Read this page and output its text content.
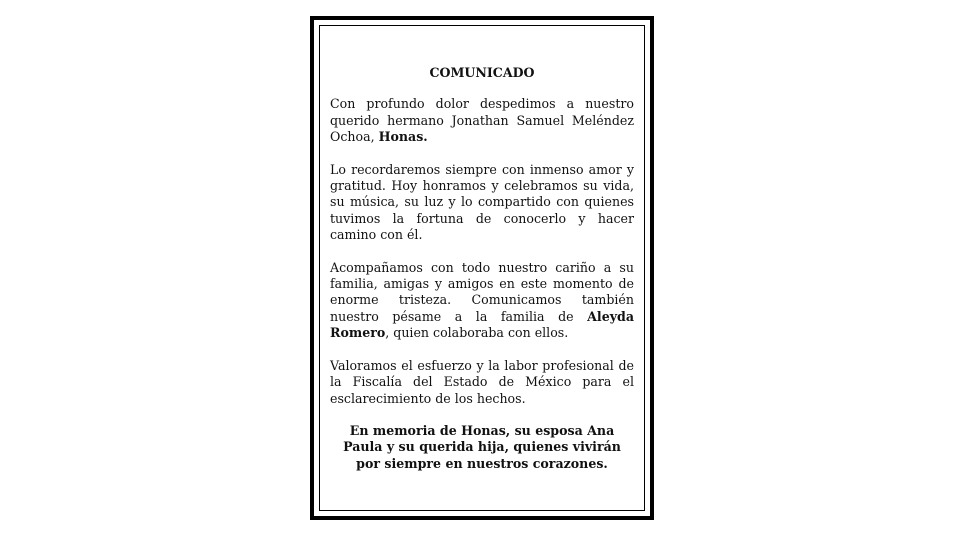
COMUNICADO

Con profundo dolor despedimos a nuestro querido hermano Jonathan Samuel Meléndez Ochoa, Honas.

Lo recordaremos siempre con inmenso amor y gratitud. Hoy honramos y celebramos su vida, su música, su luz y lo compartido con quienes tuvimos la fortuna de conocerlo y hacer camino con él.

Acompañamos con todo nuestro cariño a su familia, amigas y amigos en este momento de enorme tristeza. Comunicamos también nuestro pésame a la familia de Aleyda Romero, quien colaboraba con ellos.

Valoramos el esfuerzo y la labor profesional de la Fiscalía del Estado de México para el esclarecimiento de los hechos.

En memoria de Honas, su esposa Ana Paula y su querida hija, quienes vivirán por siempre en nuestros corazones.
